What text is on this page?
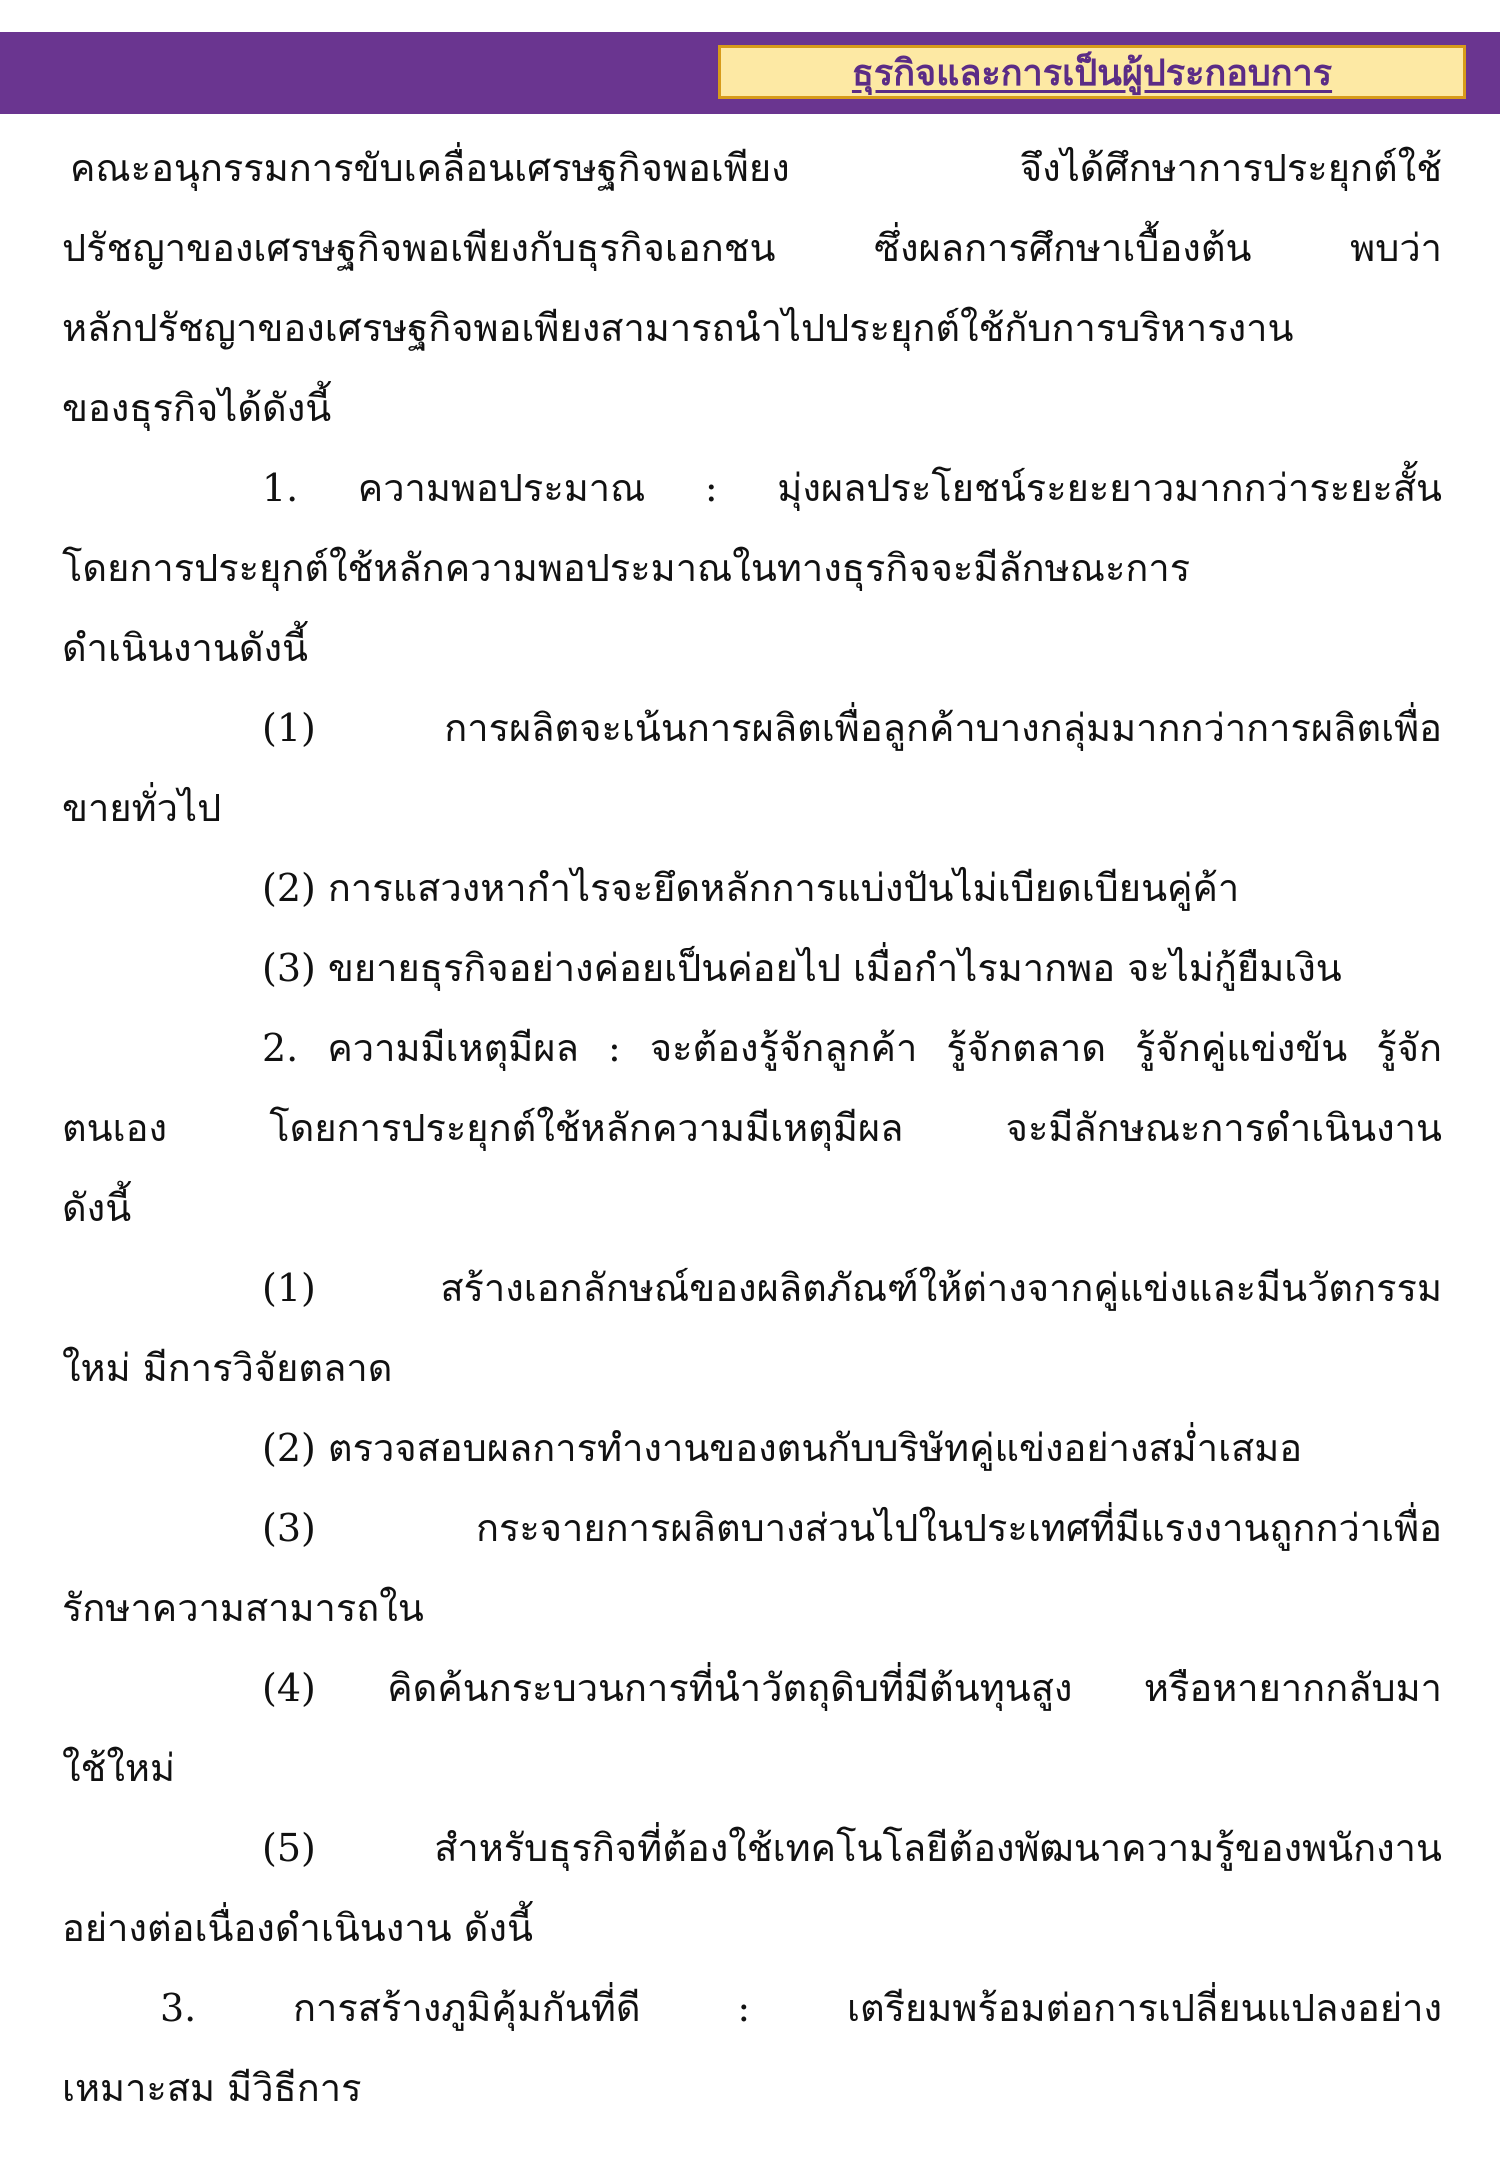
ธุรกิจและการเป็นผู้ประกอบการ
คณะอนุกรรมการขับเคลื่อนเศรษฐกิจพอเพียง จึงได้ศึกษาการประยุกต์ใช้
ปรัชญาของเศรษฐกิจพอเพียงกับธุรกิจเอกชน ซึ่งผลการศึกษาเบื้องต้น พบว่า
หลักปรัชญาของเศรษฐกิจพอเพียงสามารถนำไปประยุกต์ใช้กับการบริหารงาน
ของธุรกิจได้ดังนี้
1. ความพอประมาณ : มุ่งผลประโยชน์ระยะยาวมากกว่าระยะสั้น
โดยการประยุกต์ใช้หลักความพอประมาณในทางธุรกิจจะมีลักษณะการ
ดำเนินงานดังนี้
(1) การผลิตจะเน้นการผลิตเพื่อลูกค้าบางกลุ่มมากกว่าการผลิตเพื่อ
ขายทั่วไป
(2) การแสวงหากำไรจะยึดหลักการแบ่งปันไม่เบียดเบียนคู่ค้า
(3) ขยายธุรกิจอย่างค่อยเป็นค่อยไป เมื่อกำไรมากพอ จะไม่กู้ยืมเงิน
2. ความมีเหตุมีผล : จะต้องรู้จักลูกค้า รู้จักตลาด รู้จักคู่แข่งขัน รู้จัก
ตนเอง โดยการประยุกต์ใช้หลักความมีเหตุมีผล จะมีลักษณะการดำเนินงาน
ดังนี้
(1) สร้างเอกลักษณ์ของผลิตภัณฑ์ให้ต่างจากคู่แข่งและมีนวัตกรรม
ใหม่ มีการวิจัยตลาด
(2) ตรวจสอบผลการทำงานของตนกับบริษัทคู่แข่งอย่างสม่ำเสมอ
(3) กระจายการผลิตบางส่วนไปในประเทศที่มีแรงงานถูกกว่าเพื่อ
รักษาความสามารถใน
(4) คิดค้นกระบวนการที่นำวัตถุดิบที่มีต้นทุนสูง หรือหายากกลับมา
ใช้ใหม่
(5) สำหรับธุรกิจที่ต้องใช้เทคโนโลยีต้องพัฒนาความรู้ของพนักงาน
อย่างต่อเนื่องดำเนินงาน ดังนี้
3. การสร้างภูมิคุ้มกันที่ดี : เตรียมพร้อมต่อการเปลี่ยนแปลงอย่าง
เหมาะสม มีวิธีการ
